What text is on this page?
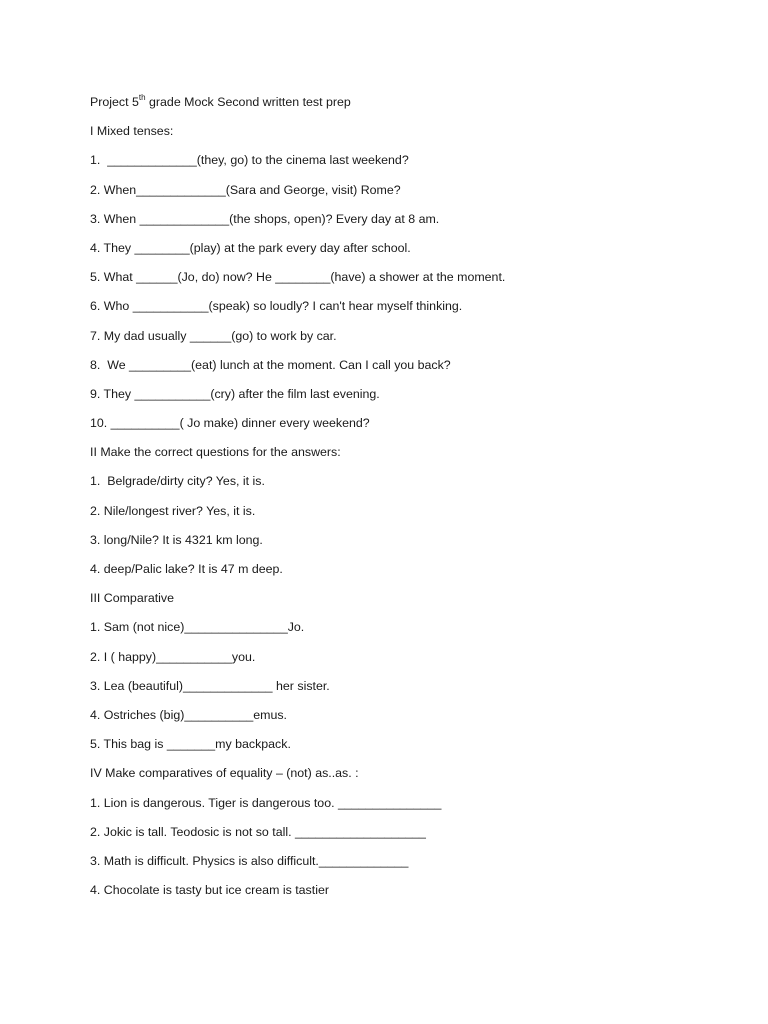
Project 5th grade Mock Second written test prep
I Mixed tenses:
1.  _____________(they, go) to the cinema last weekend?
2. When_____________(Sara and George, visit) Rome?
3. When _____________(the shops, open)? Every day at 8 am.
4. They ________(play) at the park every day after school.
5. What ______(Jo, do) now? He ________(have) a shower at the moment.
6. Who ___________(speak) so loudly? I can't hear myself thinking.
7. My dad usually ______(go) to work by car.
8.  We _________(eat) lunch at the moment. Can I call you back?
9. They ___________(cry) after the film last evening.
10. __________( Jo make) dinner every weekend?
II Make the correct questions for the answers:
1.  Belgrade/dirty city? Yes, it is.
2. Nile/longest river? Yes, it is.
3. long/Nile? It is 4321 km long.
4. deep/Palic lake? It is 47 m deep.
III Comparative
1. Sam (not nice)_______________Jo.
2. I ( happy)___________you.
3. Lea (beautiful)_____________ her sister.
4. Ostriches (big)__________emus.
5. This bag is _______my backpack.
IV Make comparatives of equality – (not) as..as. :
1. Lion is dangerous. Tiger is dangerous too. _______________
2. Jokic is tall. Teodosic is not so tall. ___________________
3. Math is difficult. Physics is also difficult._____________
4. Chocolate is tasty but ice cream is tastier
